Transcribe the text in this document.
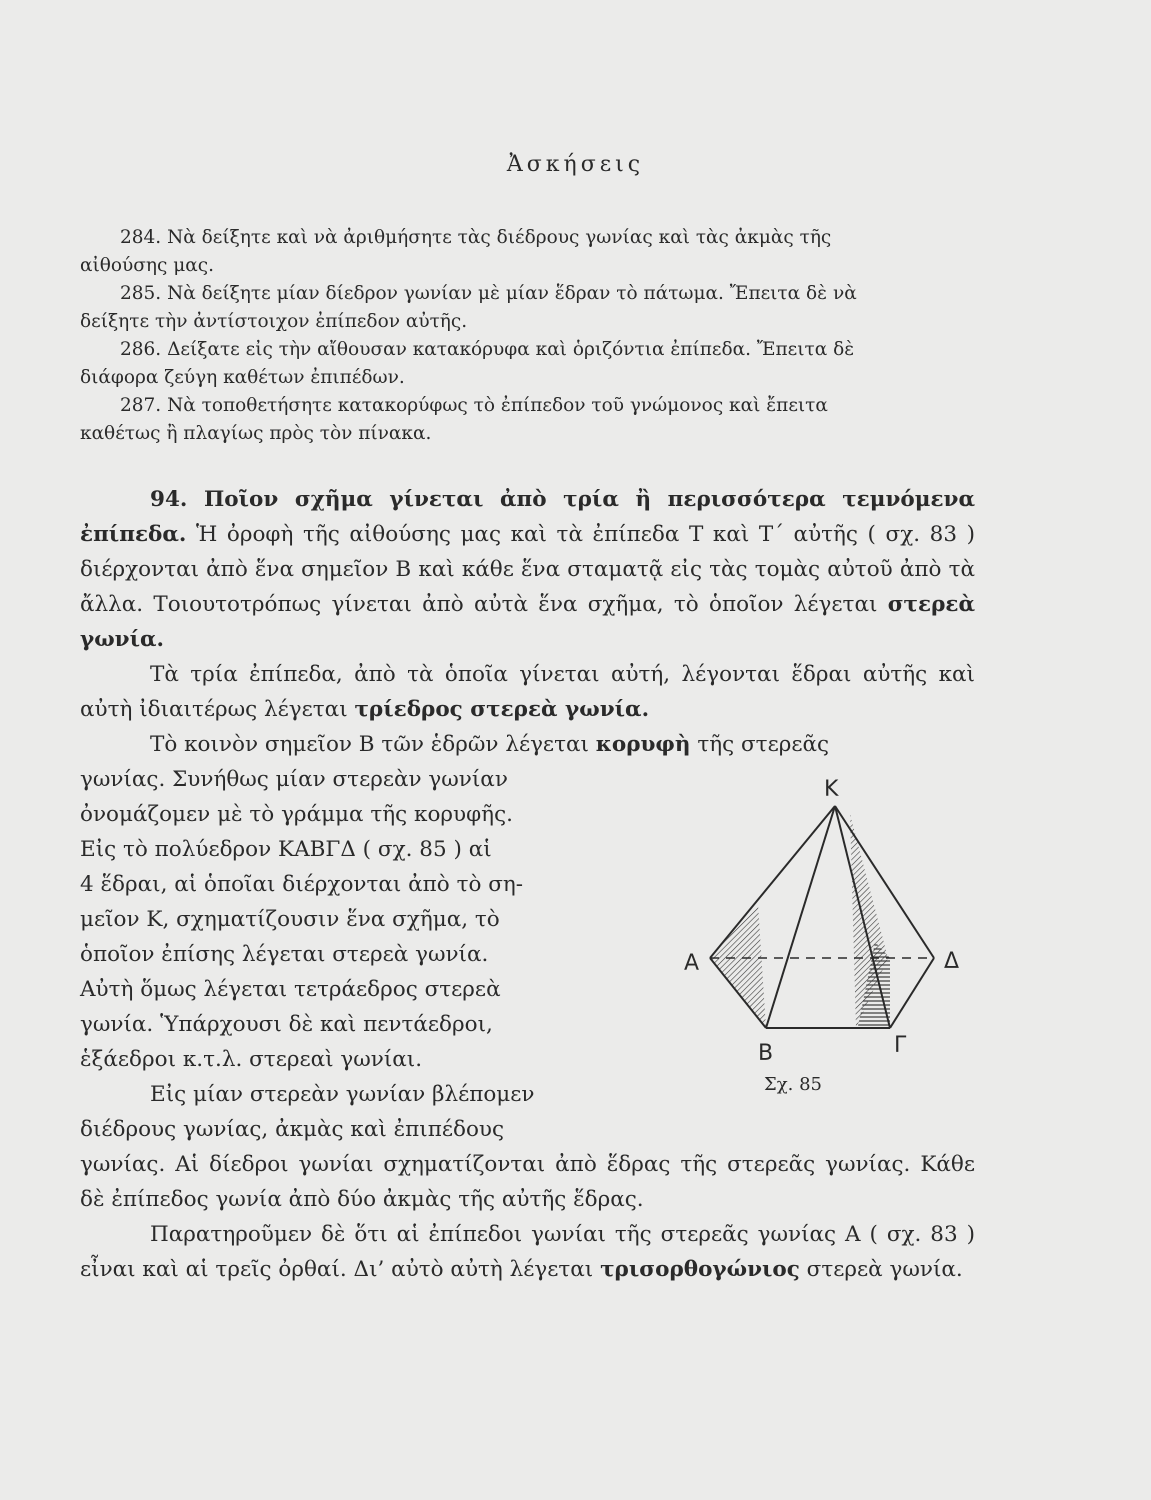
Ἀσκήσεις

284. Νὰ δείξητε καὶ νὰ ἀριθμήσητε τὰς διέδρους γωνίας καὶ τὰς ἀκμὰς τῆς
αἰθούσης μας.

285. Νὰ δείξητε μίαν δίεδρον γωνίαν μὲ μίαν ἕδραν τὸ πάτωμα. Ἔπειτα δὲ νὰ
δείξητε τὴν ἀντίστοιχον ἐπίπεδον αὐτῆς.

286. Δείξατε εἰς τὴν αἴθουσαν κατακόρυφα καὶ ὁριζόντια ἐπίπεδα. Ἔπειτα δὲ
διάφορα ζεύγη καθέτων ἐπιπέδων.

287. Νὰ τοποθετήσητε κατακορύφως τὸ ἐπίπεδον τοῦ γνώμονος καὶ ἔπειτα
καθέτως ἢ πλαγίως πρὸς τὸν πίνακα.

94. Ποῖον σχῆμα γίνεται ἀπὸ τρία ἢ περισσότερα τεμνόμενα ἐπίπεδα. Ἡ ὀροφὴ τῆς αἰθούσης μας καὶ τὰ ἐπίπεδα Τ καὶ Τ΄ αὐτῆς ( σχ. 83 ) διέρχονται ἀπὸ ἕνα σημεῖον Β καὶ κάθε ἕνα σταματᾷ εἰς τὰς τομὰς αὐτοῦ ἀπὸ τὰ ἄλλα. Τοιουτοτρόπως γίνεται ἀπὸ αὐτὰ ἕνα σχῆμα, τὸ ὁποῖον λέγεται στερεὰ γωνία.

Τὰ τρία ἐπίπεδα, ἀπὸ τὰ ὁποῖα γίνεται αὐτή, λέγονται ἕδραι αὐτῆς καὶ αὐτὴ ἰδιαιτέρως λέγεται τρίεδρος στερεὰ γωνία.

Τὸ κοινὸν σημεῖον Β τῶν ἑδρῶν λέγεται κορυφὴ τῆς στερεᾶς

γωνίας. Συνήθως μίαν στερεὰν γωνίαν
ὀνομάζομεν μὲ τὸ γράμμα τῆς κορυφῆς.
Εἰς τὸ πολύεδρον ΚΑΒΓΔ ( σχ. 85 ) αἱ
4 ἕδραι, αἱ ὁποῖαι διέρχονται ἀπὸ τὸ ση-
μεῖον Κ, σχηματίζουσιν ἕνα σχῆμα, τὸ
ὁποῖον ἐπίσης λέγεται στερεὰ γωνία.
Αὐτὴ ὅμως λέγεται τετράεδρος στερεὰ
γωνία. Ὑπάρχουσι δὲ καὶ πεντάεδροι,
ἑξάεδροι κ.τ.λ. στερεαὶ γωνίαι.
Εἰς μίαν στερεὰν γωνίαν βλέπομεν
διέδρους γωνίας, ἀκμὰς καὶ ἐπιπέδους

γωνίας. Αἱ δίεδροι γωνίαι σχηματίζονται ἀπὸ ἕδρας τῆς στερεᾶς γωνίας. Κάθε δὲ ἐπίπεδος γωνία ἀπὸ δύο ἀκμὰς τῆς αὐτῆς ἕδρας.

Παρατηροῦμεν δὲ ὅτι αἱ ἐπίπεδοι γωνίαι τῆς στερεᾶς γωνίας Α ( σχ. 83 ) εἶναι καὶ αἱ τρεῖς ὀρθαί. Δι’ αὐτὸ αὐτὴ λέγεται τρισορθογώνιος στερεὰ γωνία.

Κ
Α	Δ
Β	Γ
Σχ. 85
